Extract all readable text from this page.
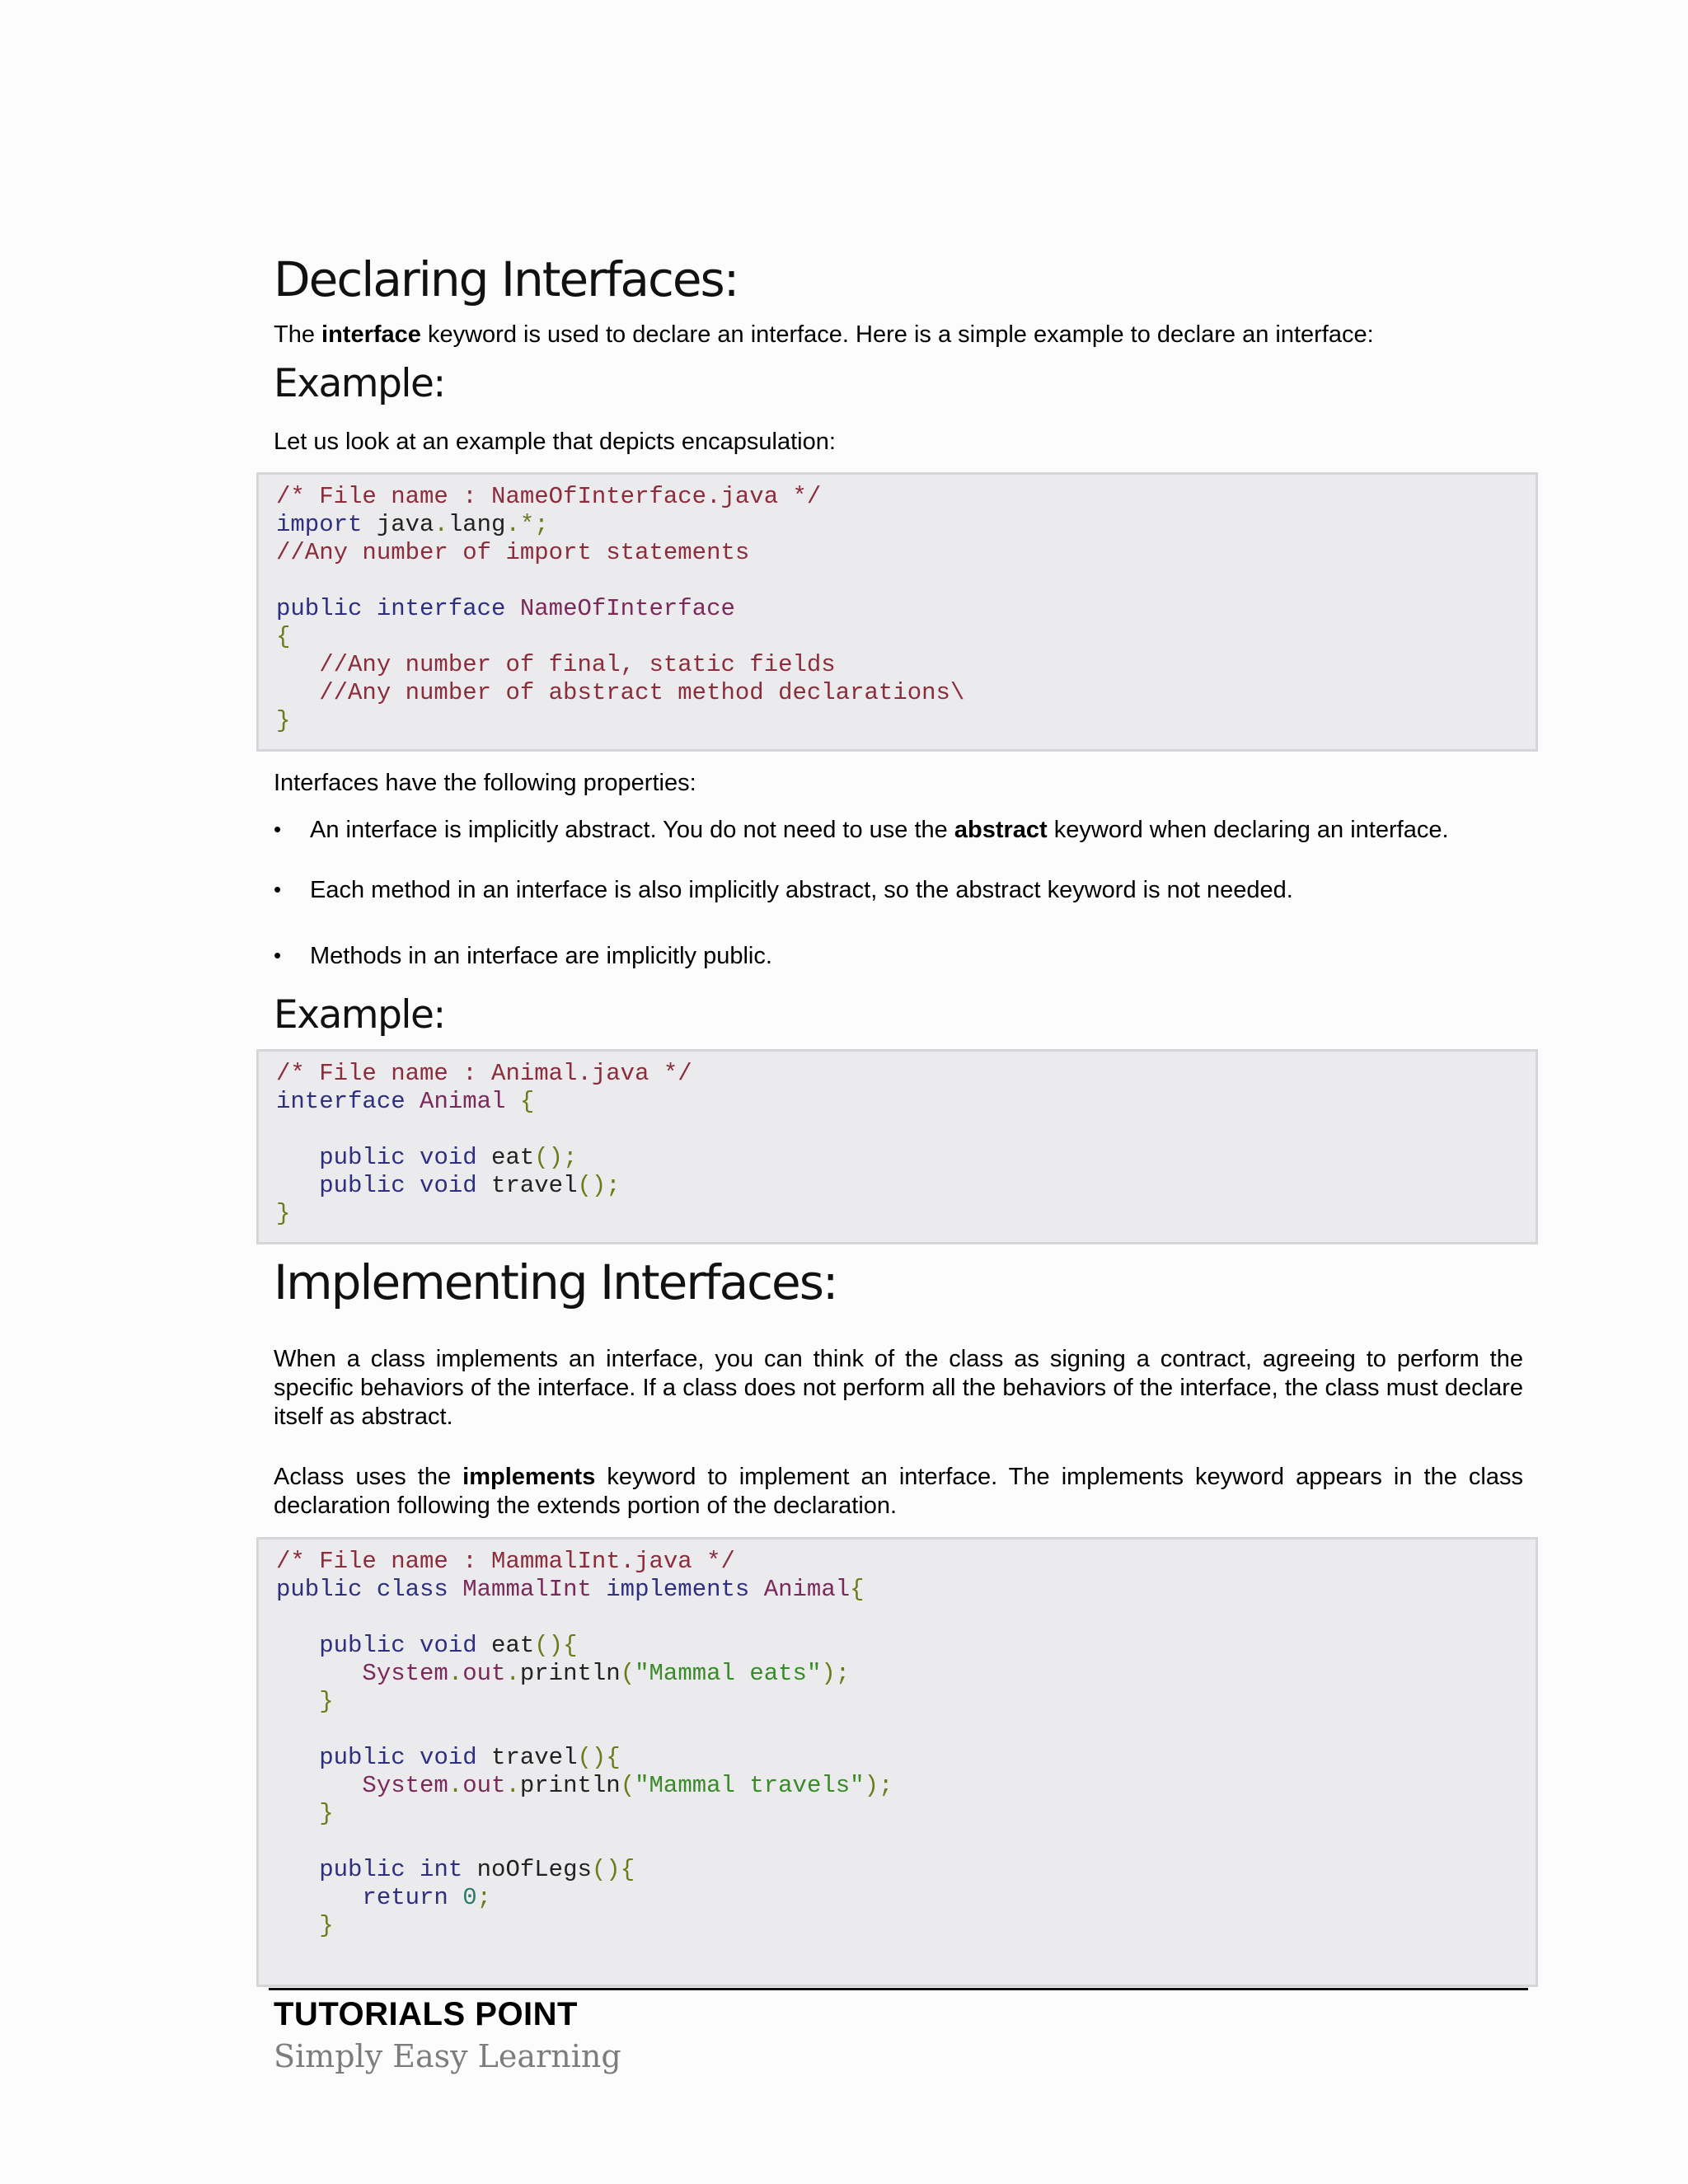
Declaring Interfaces:
The interface keyword is used to declare an interface. Here is a simple example to declare an interface:
Example:
Let us look at an example that depicts encapsulation:
/* File name : NameOfInterface.java */
import java.lang.*;
//Any number of import statements
public interface NameOfInterface
{
//Any number of final, static fields
//Any number of abstract method declarations\
}
Interfaces have the following properties:
• An interface is implicitly abstract. You do not need to use the abstract keyword when declaring an interface.
• Each method in an interface is also implicitly abstract, so the abstract keyword is not needed.
• Methods in an interface are implicitly public.
Example:
/* File name : Animal.java */
interface Animal {
public void eat();
public void travel();
}
Implementing Interfaces:
When a class implements an interface, you can think of the class as signing a contract, agreeing to perform the specific behaviors of the interface. If a class does not perform all the behaviors of the interface, the class must declare itself as abstract.
Aclass uses the implements keyword to implement an interface. The implements keyword appears in the class declaration following the extends portion of the declaration.
/* File name : MammalInt.java */
public class MammalInt implements Animal{
public void eat(){
System.out.println("Mammal eats");
}
public void travel(){
System.out.println("Mammal travels");
}
public int noOfLegs(){
return 0;
}
TUTORIALS POINT
Simply Easy Learning
